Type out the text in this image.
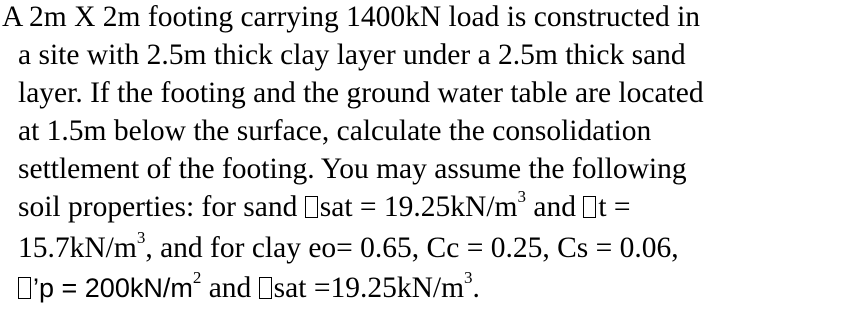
A 2m X 2m footing carrying 1400kN load is constructed in
a site with 2.5m thick clay layer under a 2.5m thick sand
layer. If the footing and the ground water table are located
at 1.5m below the surface, calculate the consolidation
settlement of the footing. You may assume the following
soil properties: for sand sat = $19.25kN/m^3$ and t =
$15.7kN/m^3$, and for clay eo= 0.65, Cc = 0.25, Cs = 0.06,
’p = $200kN/m^2$ and sat $=19.25kN/m^3$.
